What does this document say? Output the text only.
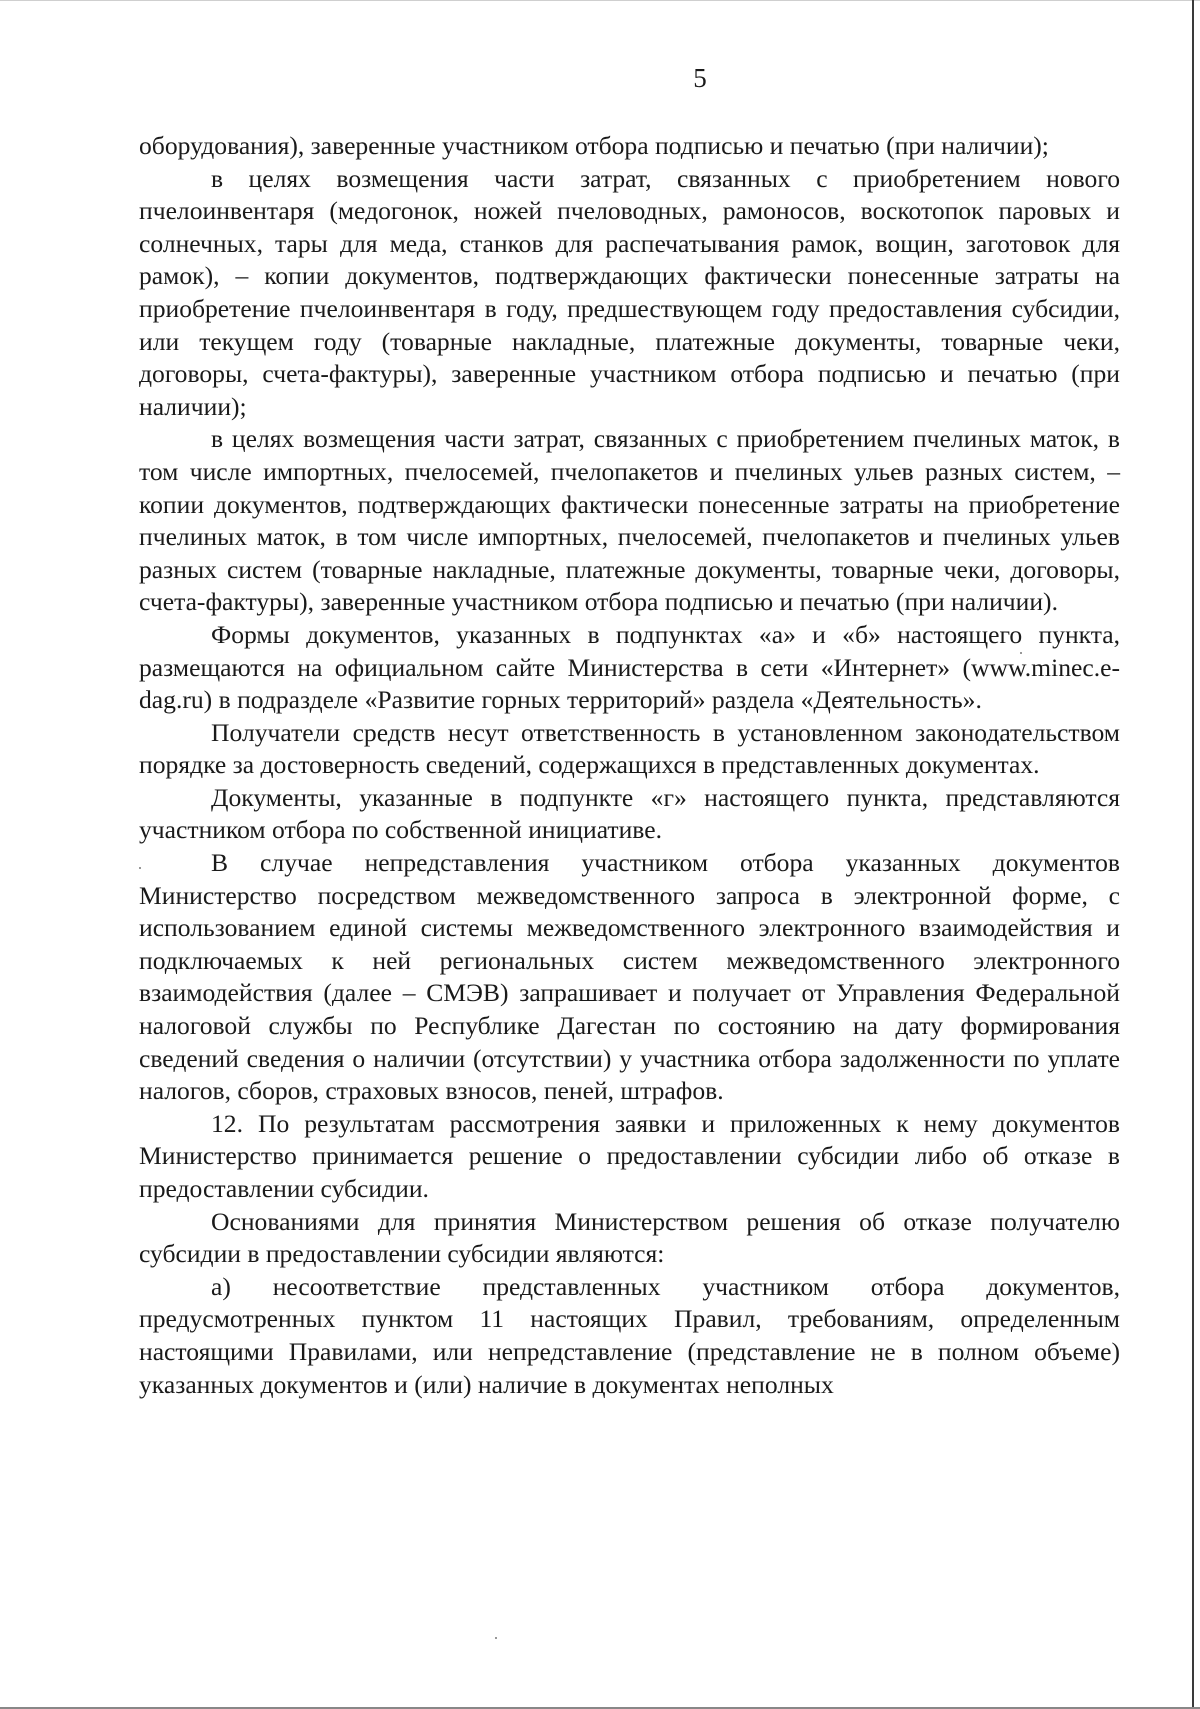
5

оборудования), заверенные участником отбора подписью и печатью (при наличии);

в целях возмещения части затрат, связанных с приобретением нового пчелоинвентаря (медогонок, ножей пчеловодных, рамоносов, воскотопок паровых и солнечных, тары для меда, станков для распечатывания рамок, вощин, заготовок для рамок), – копии документов, подтверждающих фактически понесенные затраты на приобретение пчелоинвентаря в году, предшествующем году предоставления субсидии, или текущем году (товарные накладные, платежные документы, товарные чеки, договоры, счета-фактуры), заверенные участником отбора подписью и печатью (при наличии);

в целях возмещения части затрат, связанных с приобретением пчелиных маток, в том числе импортных, пчелосемей, пчелопакетов и пчелиных ульев разных систем, – копии документов, подтверждающих фактически понесенные затраты на приобретение пчелиных маток, в том числе импортных, пчелосемей, пчелопакетов и пчелиных ульев разных систем (товарные накладные, платежные документы, товарные чеки, договоры, счета-фактуры), заверенные участником отбора подписью и печатью (при наличии).

Формы документов, указанных в подпунктах «а» и «б» настоящего пункта, размещаются на официальном сайте Министерства в сети «Интернет» (www.minec.e-dag.ru) в подразделе «Развитие горных территорий» раздела «Деятельность».

Получатели средств несут ответственность в установленном законодательством порядке за достоверность сведений, содержащихся в представленных документах.

Документы, указанные в подпункте «г» настоящего пункта, представляются участником отбора по собственной инициативе.

В случае непредставления участником отбора указанных документов Министерство посредством межведомственного запроса в электронной форме, с использованием единой системы межведомственного электронного взаимодействия и подключаемых к ней региональных систем межведомственного электронного взаимодействия (далее – СМЭВ) запрашивает и получает от Управления Федеральной налоговой службы по Республике Дагестан по состоянию на дату формирования сведений сведения о наличии (отсутствии) у участника отбора задолженности по уплате налогов, сборов, страховых взносов, пеней, штрафов.

12. По результатам рассмотрения заявки и приложенных к нему документов Министерство принимается решение о предоставлении субсидии либо об отказе в предоставлении субсидии.

Основаниями для принятия Министерством решения об отказе получателю субсидии в предоставлении субсидии являются:

а) несоответствие представленных участником отбора документов, предусмотренных пунктом 11 настоящих Правил, требованиям, определенным настоящими Правилами, или непредставление (представление не в полном объеме) указанных документов и (или) наличие в документах неполных
